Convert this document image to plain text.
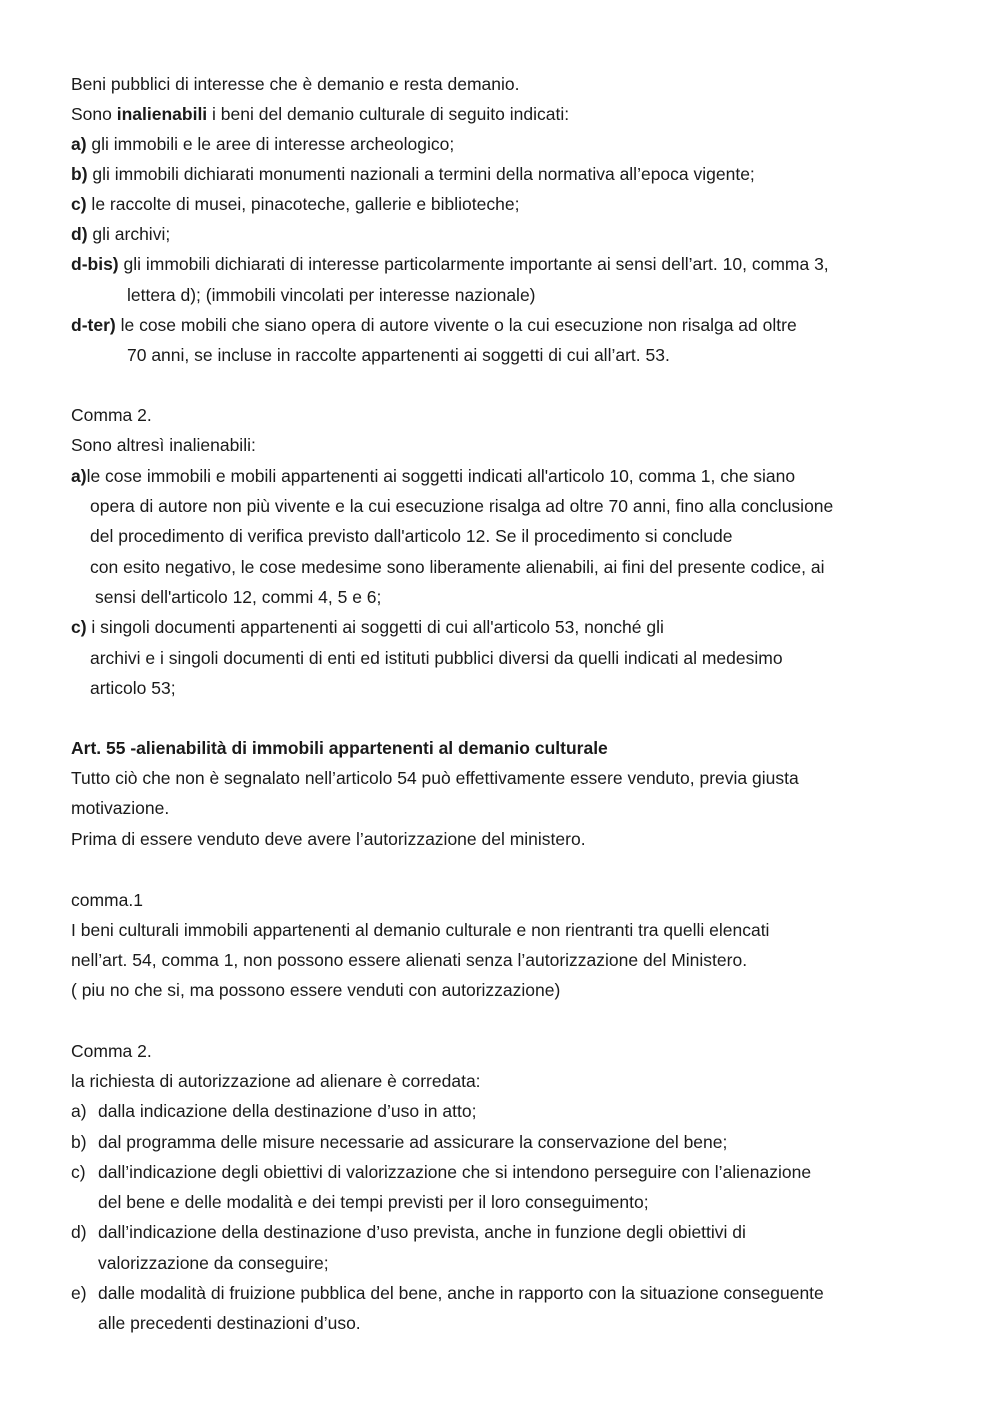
Beni pubblici di interesse che è demanio e resta demanio.
Sono inalienabili i beni del demanio culturale di seguito indicati:
a) gli immobili e le aree di interesse archeologico;
b) gli immobili dichiarati monumenti nazionali a termini della normativa all’epoca vigente;
c) le raccolte di musei, pinacoteche, gallerie e biblioteche;
d) gli archivi;
d-bis) gli immobili dichiarati di interesse particolarmente importante ai sensi dell’art. 10, comma 3,
lettera d); (immobili vincolati per interesse nazionale)
d-ter) le cose mobili che siano opera di autore vivente o la cui esecuzione non risalga ad oltre
70 anni, se incluse in raccolte appartenenti ai soggetti di cui all’art. 53.
Comma 2.
Sono altresì inalienabili:
a)le cose immobili e mobili appartenenti ai soggetti indicati all'articolo 10, comma 1, che siano
opera di autore non più vivente e la cui esecuzione risalga ad oltre 70 anni, fino alla conclusione
del procedimento di verifica previsto dall'articolo 12. Se il procedimento si conclude
con esito negativo, le cose medesime sono liberamente alienabili, ai fini del presente codice, ai
sensi dell'articolo 12, commi 4, 5 e 6;
c) i singoli documenti appartenenti ai soggetti di cui all'articolo 53, nonché gli
archivi e i singoli documenti di enti ed istituti pubblici diversi da quelli indicati al medesimo
articolo 53;
Art. 55 -alienabilità di immobili appartenenti al demanio culturale
Tutto ciò che non è segnalato nell’articolo 54 può effettivamente essere venduto, previa giusta
motivazione.
Prima di essere venduto deve avere l’autorizzazione del ministero.
comma.1
I beni culturali immobili appartenenti al demanio culturale e non rientranti tra quelli elencati
nell’art. 54, comma 1, non possono essere alienati senza l’autorizzazione del Ministero.
( piu no che si, ma possono essere venduti con autorizzazione)
Comma 2.
la richiesta di autorizzazione ad alienare è corredata:
a) dalla indicazione della destinazione d’uso in atto;
b) dal programma delle misure necessarie ad assicurare la conservazione del bene;
c) dall’indicazione degli obiettivi di valorizzazione che si intendono perseguire con l’alienazione
del bene e delle modalità e dei tempi previsti per il loro conseguimento;
d) dall’indicazione della destinazione d’uso prevista, anche in funzione degli obiettivi di
valorizzazione da conseguire;
e) dalle modalità di fruizione pubblica del bene, anche in rapporto con la situazione conseguente
alle precedenti destinazioni d’uso.
